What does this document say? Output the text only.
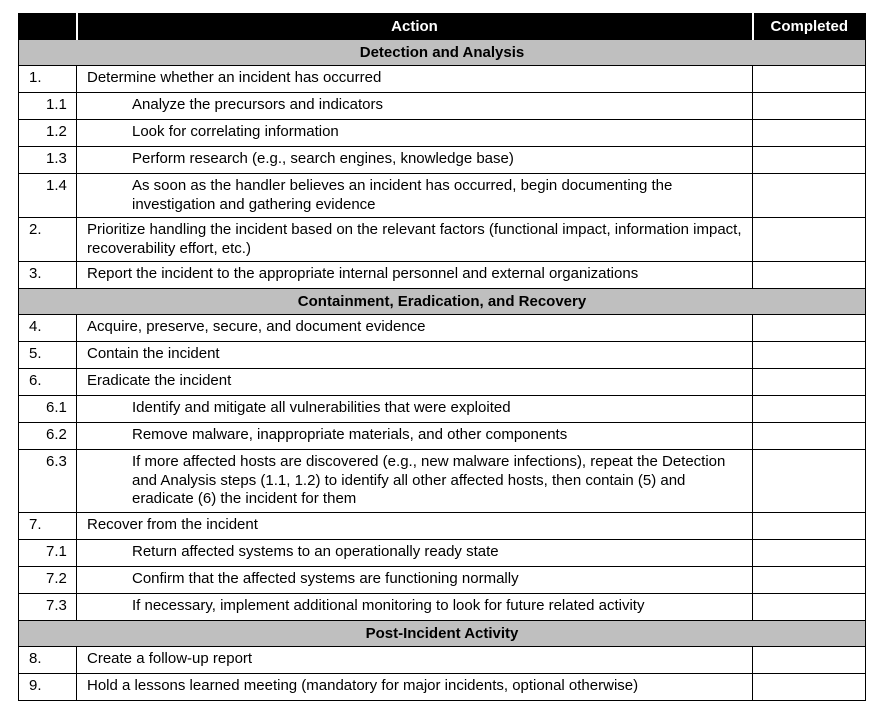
	Action	Completed
Detection and Analysis		
1.	Determine whether an incident has occurred	
1.1	Analyze the precursors and indicators	
1.2	Look for correlating information	
1.3	Perform research (e.g., search engines, knowledge base)	
1.4	As soon as the handler believes an incident has occurred, begin documenting the investigation and gathering evidence	
2.	Prioritize handling the incident based on the relevant factors (functional impact, information impact, recoverability effort, etc.)	
3.	Report the incident to the appropriate internal personnel and external organizations	
Containment, Eradication, and Recovery		
4.	Acquire, preserve, secure, and document evidence	
5.	Contain the incident	
6.	Eradicate the incident	
6.1	Identify and mitigate all vulnerabilities that were exploited	
6.2	Remove malware, inappropriate materials, and other components	
6.3	If more affected hosts are discovered (e.g., new malware infections), repeat the Detection and Analysis steps (1.1, 1.2) to identify all other affected hosts, then contain (5) and eradicate (6) the incident for them	
7.	Recover from the incident	
7.1	Return affected systems to an operationally ready state	
7.2	Confirm that the affected systems are functioning normally	
7.3	If necessary, implement additional monitoring to look for future related activity	
Post-Incident Activity		
8.	Create a follow-up report	
9.	Hold a lessons learned meeting (mandatory for major incidents, optional otherwise)	
